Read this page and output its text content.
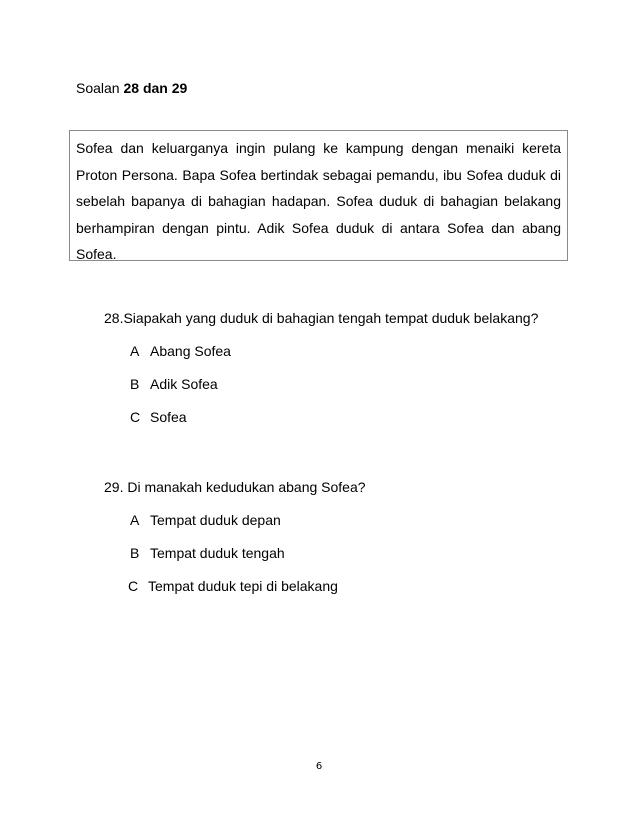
Soalan 28 dan 29

Sofea dan keluarganya ingin pulang ke kampung dengan menaiki kereta Proton Persona. Bapa Sofea bertindak sebagai pemandu, ibu Sofea duduk di sebelah bapanya di bahagian hadapan. Sofea duduk di bahagian belakang berhampiran dengan pintu. Adik Sofea duduk di antara Sofea dan abang Sofea.

28.Siapakah yang duduk di bahagian tengah tempat duduk belakang?
A Abang Sofea
B Adik Sofea
C Sofea
29. Di manakah kedudukan abang Sofea?
A Tempat duduk depan
B Tempat duduk tengah
C Tempat duduk tepi di belakang
6
